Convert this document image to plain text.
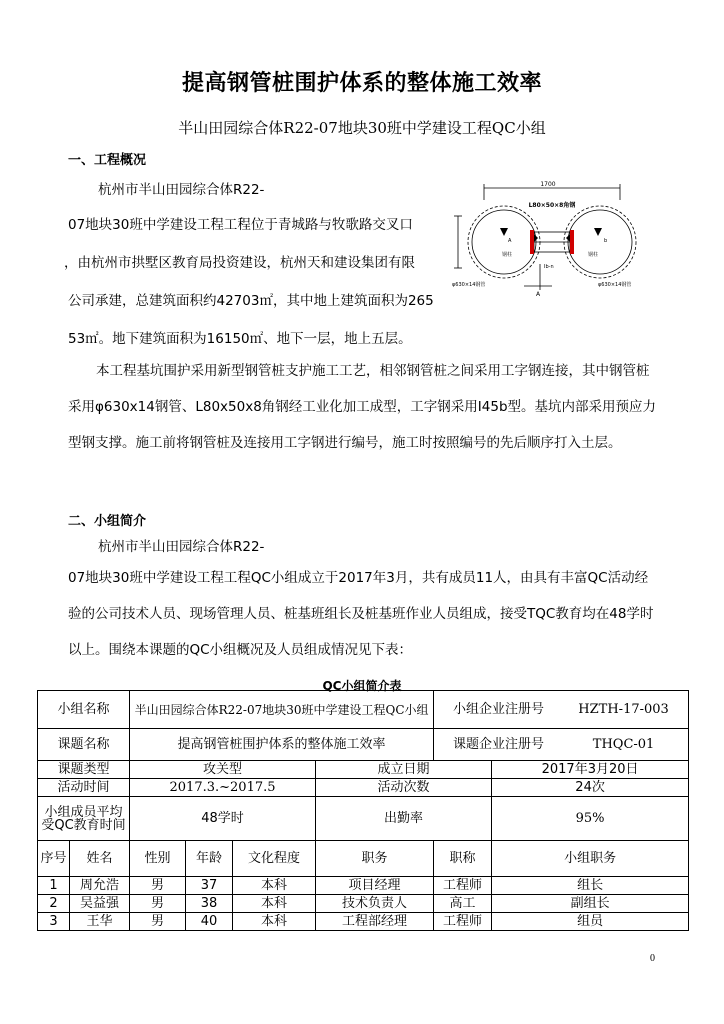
提高钢管桩围护体系的整体施工效率
半山田园综合体R22-07地块30班中学建设工程QC小组
一、工程概况
杭州市半山田园综合体R22-
07地块30班中学建设工程工程位于青城路与牧歌路交叉口
，由杭州市拱墅区教育局投资建设，杭州天和建设集团有限
公司承建，总建筑面积约42703㎡，其中地上建筑面积为265
53㎡。地下建筑面积为16150㎡、地下一层，地上五层。
1700
L80×50×8角钢
φ630×14钢管	φ630×14钢管
A
A	b
钢柱	钢柱
Ib-n
本工程基坑围护采用新型钢管桩支护施工工艺，相邻钢管桩之间采用工字钢连接，其中钢管桩采用φ630x14钢管、L80x50x8角钢经工业化加工成型，工字钢采用I45b型。基坑内部采用预应力型钢支撑。施工前将钢管桩及连接用工字钢进行编号，施工时按照编号的先后顺序打入土层。
二、小组简介
杭州市半山田园综合体R22-
07地块30班中学建设工程工程QC小组成立于2017年3月，共有成员11人，由具有丰富QC活动经验的公司技术人员、现场管理人员、桩基班组长及桩基班作业人员组成，接受TQC教育均在48学时以上。围绕本课题的QC小组概况及人员组成情况见下表：
QC小组简介表
小组名称		半山田园综合体R22-07地块30班中学建设工程QC小组				小组企业注册号 HZTH-17-003	

课题名称		提高钢管桩围护体系的整体施工效率				课题企业注册号 THQC-01	

课题类型		攻关型			成立日期		2017年3月20日
活动时间		2017.3.~2017.5			活动次数		24次
小组成员平均受QC教育时间		48学时			出勤率		95%
序号	姓名	性别	年龄	文化程度	职务	职称	小组职务
1	周允浩	男	37	本科	项目经理	工程师	组长
2	吴益强	男	38	本科	技术负责人	高工	副组长
3	王华	男	40	本科	工程部经理	工程师	组员
0
